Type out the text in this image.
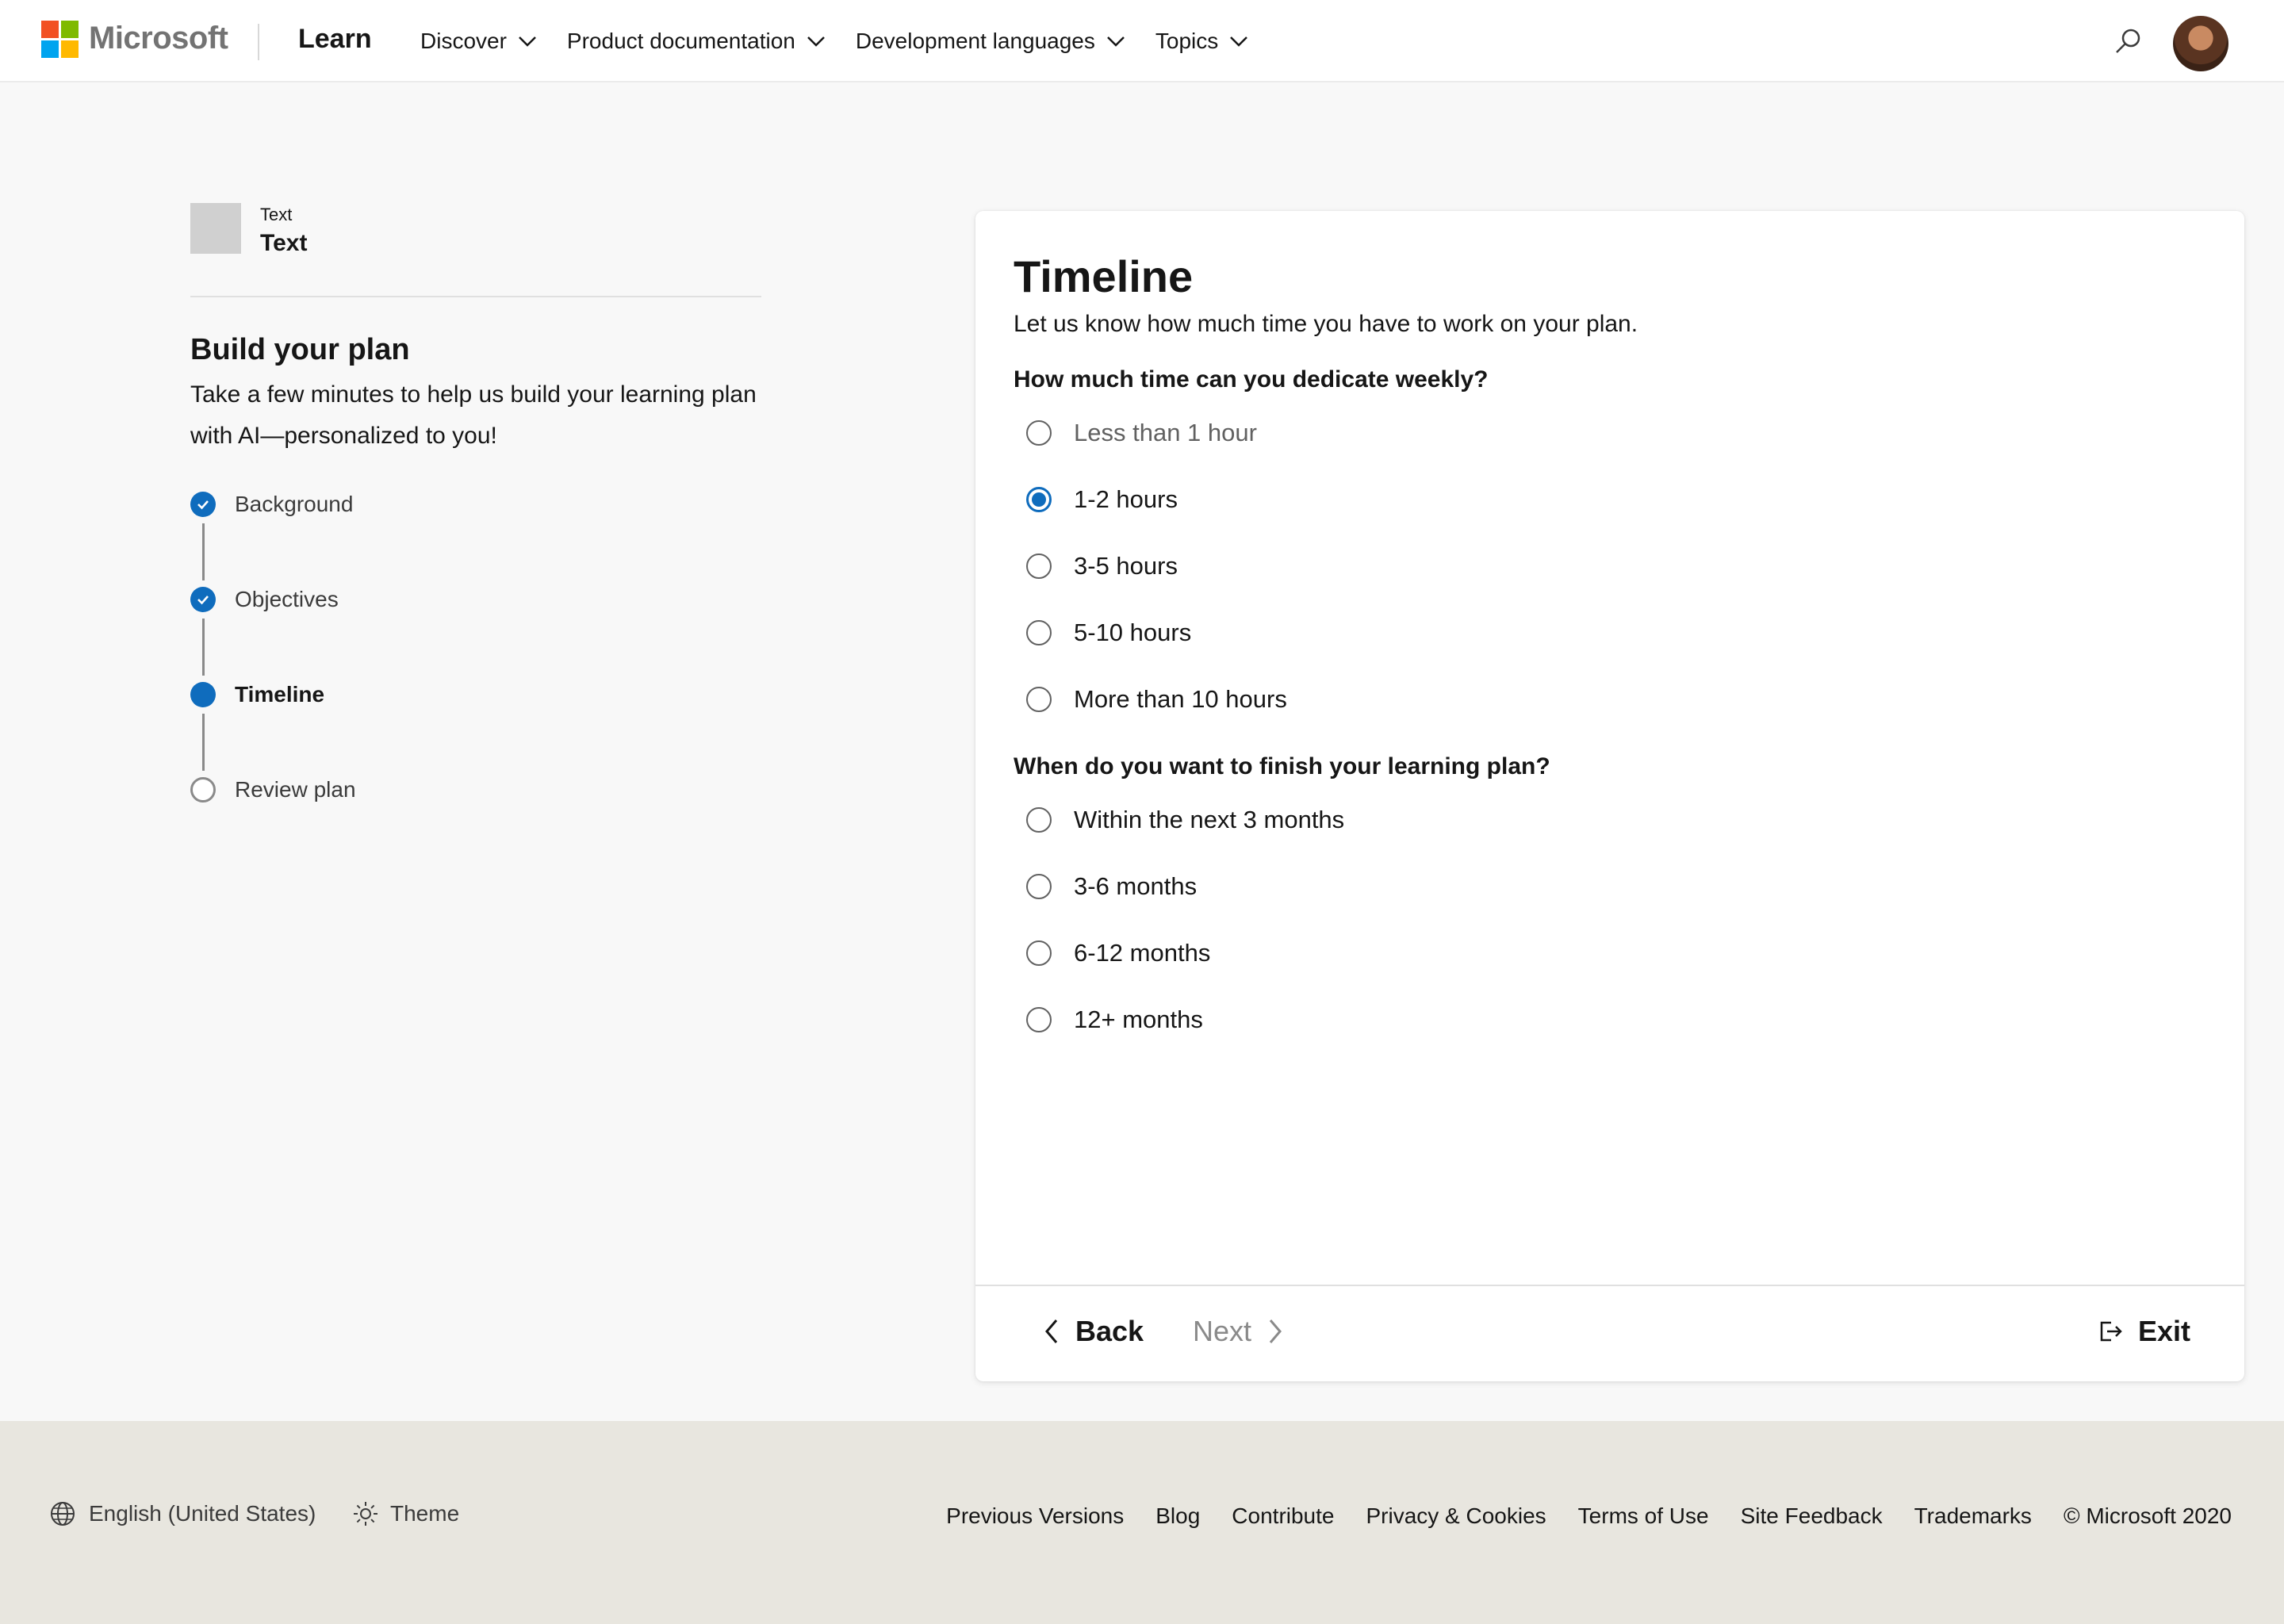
Microsoft	Learn Discover	Product documentation	Development languages	Topics
Text
Text
Build your plan
Take a few minutes to help us build your learning plan with AI—personalized to you!
Background
Objectives
Timeline
Review plan
Timeline
Let us know how much time you have to work on your plan.
How much time can you dedicate weekly?
Less than 1 hour
1-2 hours
3-5 hours
5-10 hours
More than 10 hours
When do you want to finish your learning plan?
Within the next 3 months
3-6 months
6-12 months
12+ months
Back Next	Exit
English (United States)	Theme	Previous Versions Blog Contribute Privacy & Cookies Terms of Use Site Feedback Trademarks © Microsoft 2020
